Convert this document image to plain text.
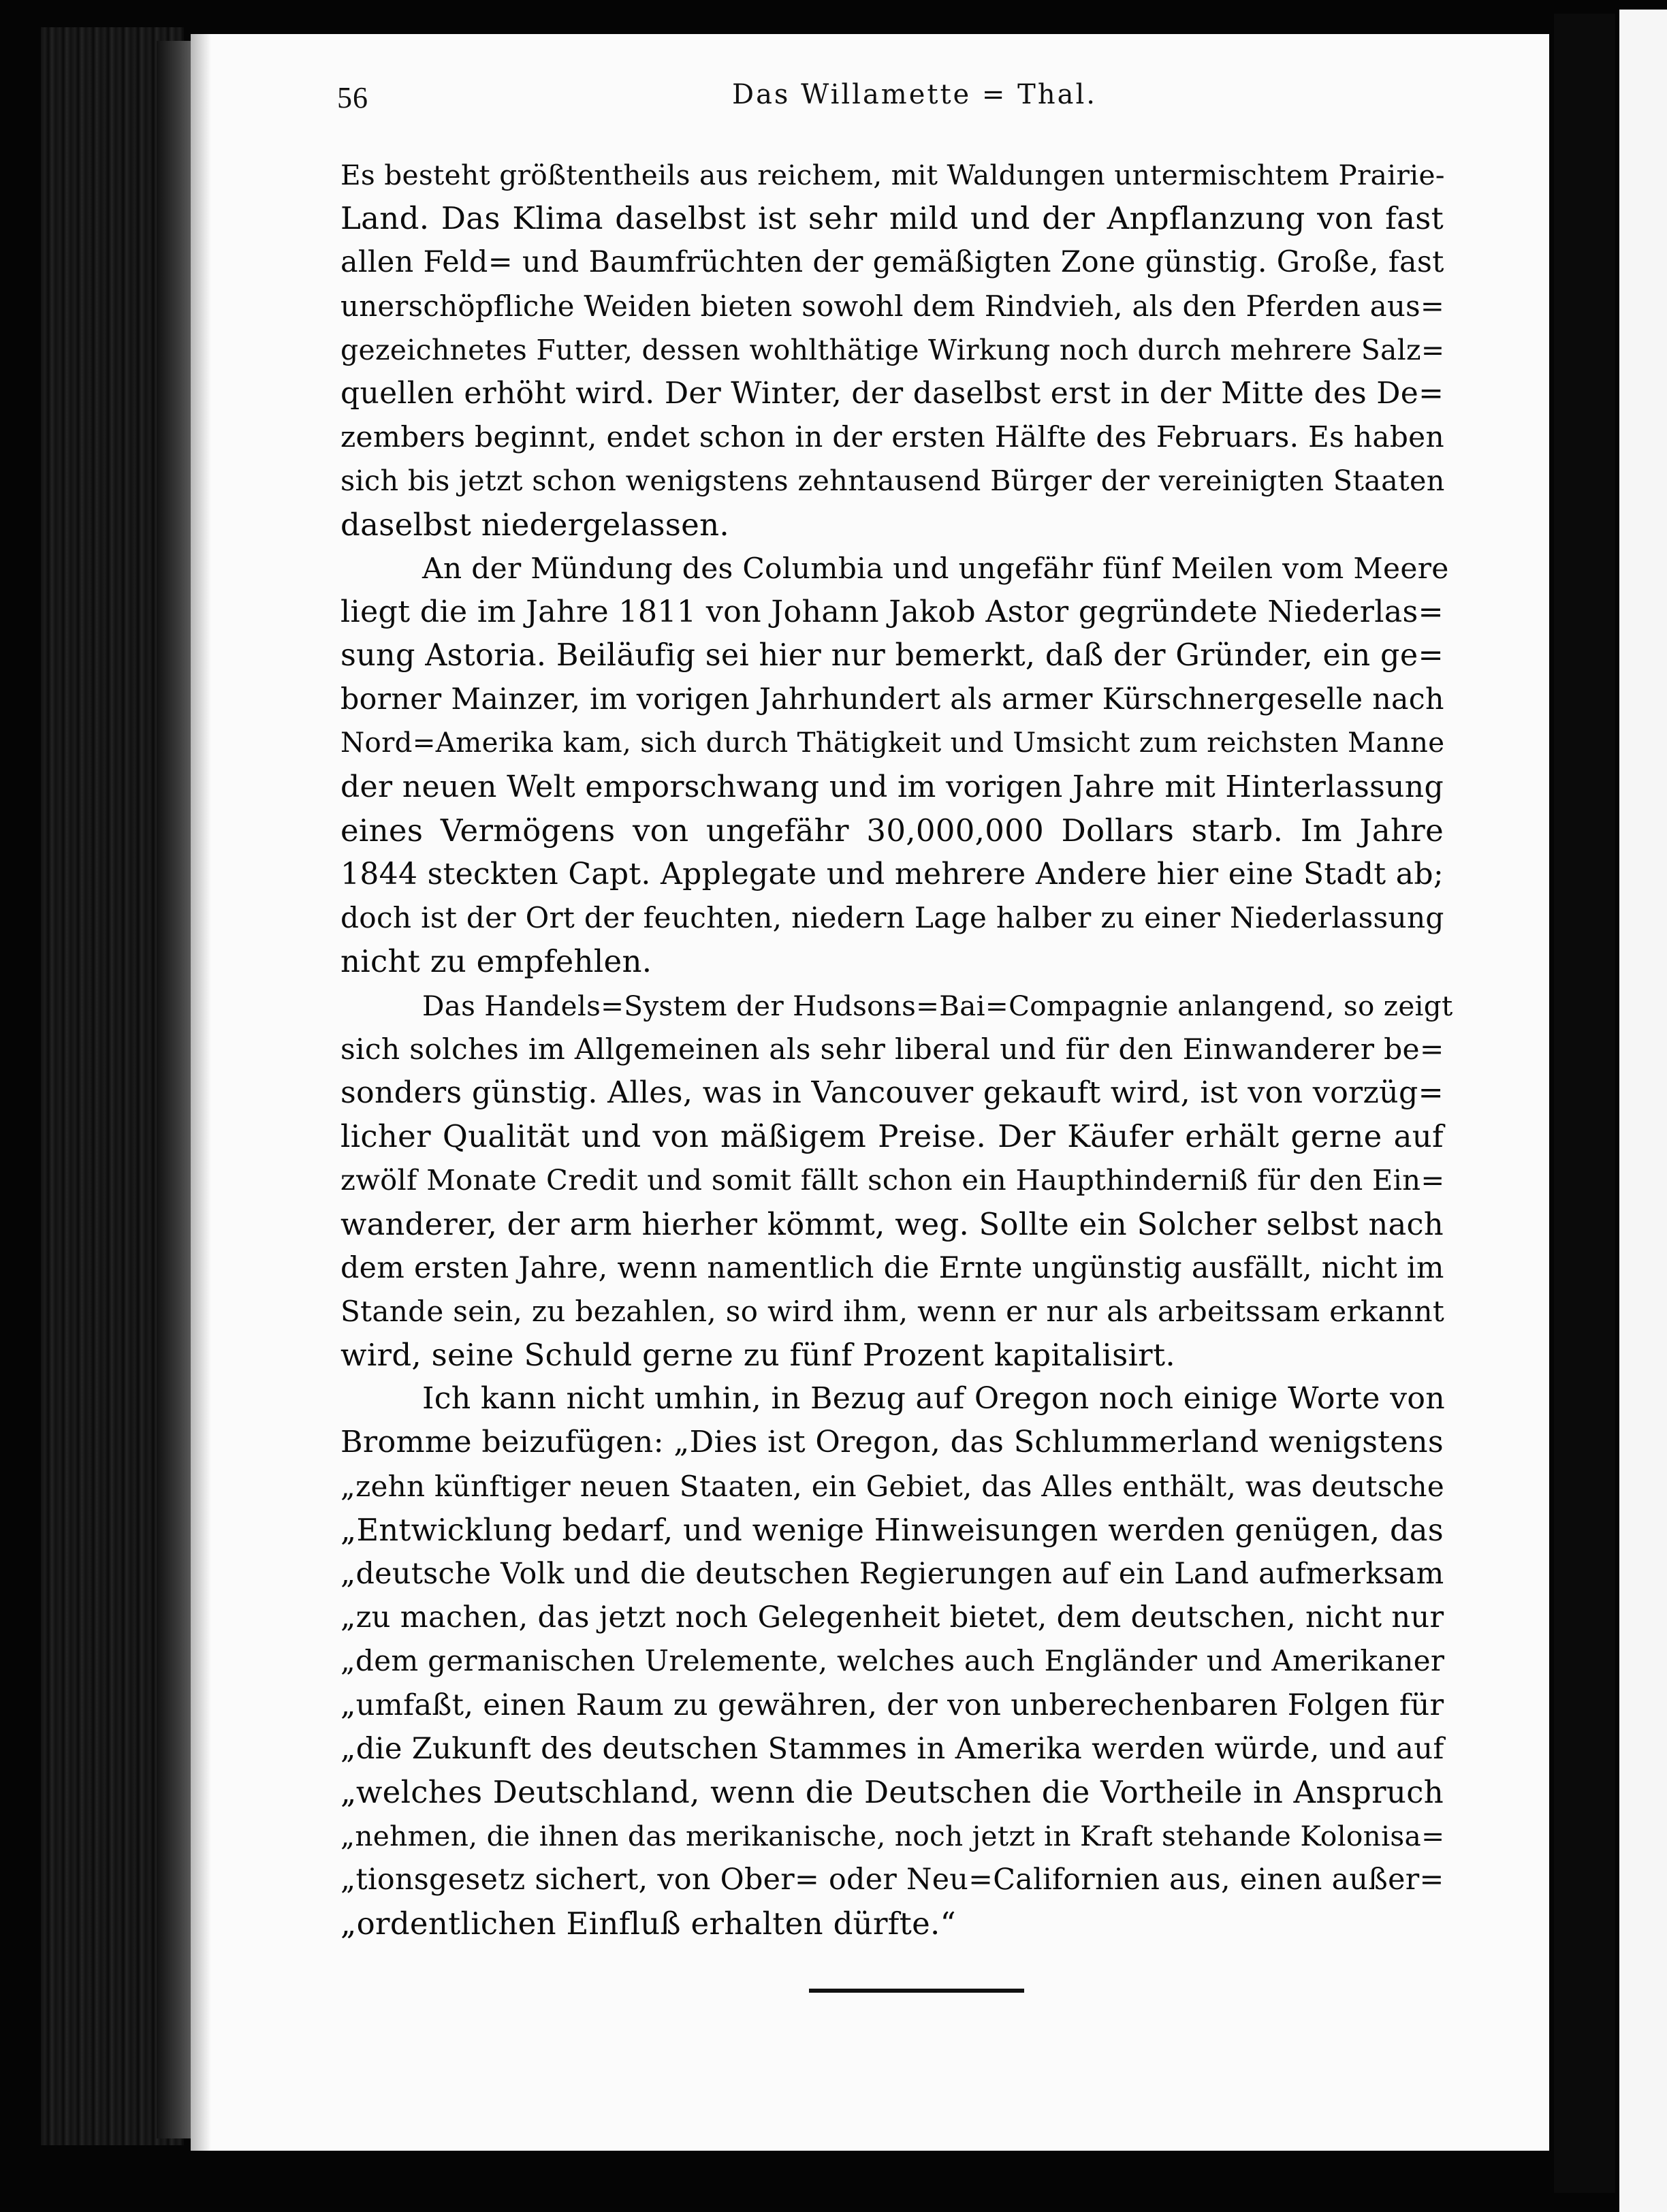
56	Das Willamette = Thal.

Es besteht größtentheils aus reichem, mit Waldungen untermischtem Prairie-
Land. Das Klima daselbst ist sehr mild und der Anpflanzung von fast
allen Feld= und Baumfrüchten der gemäßigten Zone günstig. Große, fast
unerschöpfliche Weiden bieten sowohl dem Rindvieh, als den Pferden aus=
gezeichnetes Futter, dessen wohlthätige Wirkung noch durch mehrere Salz=
quellen erhöht wird. Der Winter, der daselbst erst in der Mitte des De=
zembers beginnt, endet schon in der ersten Hälfte des Februars. Es haben
sich bis jetzt schon wenigstens zehntausend Bürger der vereinigten Staaten
daselbst niedergelassen.

An der Mündung des Columbia und ungefähr fünf Meilen vom Meere
liegt die im Jahre 1811 von Johann Jakob Astor gegründete Niederlas=
sung Astoria. Beiläufig sei hier nur bemerkt, daß der Gründer, ein ge=
borner Mainzer, im vorigen Jahrhundert als armer Kürschnergeselle nach
Nord=Amerika kam, sich durch Thätigkeit und Umsicht zum reichsten Manne
der neuen Welt emporschwang und im vorigen Jahre mit Hinterlassung
eines Vermögens von ungefähr 30,000,000 Dollars starb. Im Jahre
1844 steckten Capt. Applegate und mehrere Andere hier eine Stadt ab;
doch ist der Ort der feuchten, niedern Lage halber zu einer Niederlassung
nicht zu empfehlen.

Das Handels=System der Hudsons=Bai=Compagnie anlangend, so zeigt
sich solches im Allgemeinen als sehr liberal und für den Einwanderer be=
sonders günstig. Alles, was in Vancouver gekauft wird, ist von vorzüg=
licher Qualität und von mäßigem Preise. Der Käufer erhält gerne auf
zwölf Monate Credit und somit fällt schon ein Haupthinderniß für den Ein=
wanderer, der arm hierher kömmt, weg. Sollte ein Solcher selbst nach
dem ersten Jahre, wenn namentlich die Ernte ungünstig ausfällt, nicht im
Stande sein, zu bezahlen, so wird ihm, wenn er nur als arbeitssam erkannt
wird, seine Schuld gerne zu fünf Prozent kapitalisirt.

Ich kann nicht umhin, in Bezug auf Oregon noch einige Worte von
Bromme beizufügen: „Dies ist Oregon, das Schlummerland wenigstens
„zehn künftiger neuen Staaten, ein Gebiet, das Alles enthält, was deutsche
„Entwicklung bedarf, und wenige Hinweisungen werden genügen, das
„deutsche Volk und die deutschen Regierungen auf ein Land aufmerksam
„zu machen, das jetzt noch Gelegenheit bietet, dem deutschen, nicht nur
„dem germanischen Urelemente, welches auch Engländer und Amerikaner
„umfaßt, einen Raum zu gewähren, der von unberechenbaren Folgen für
„die Zukunft des deutschen Stammes in Amerika werden würde, und auf
„welches Deutschland, wenn die Deutschen die Vortheile in Anspruch
„nehmen, die ihnen das merikanische, noch jetzt in Kraft stehande Kolonisa=
„tionsgesetz sichert, von Ober= oder Neu=Californien aus, einen außer=
„ordentlichen Einfluß erhalten dürfte.“
